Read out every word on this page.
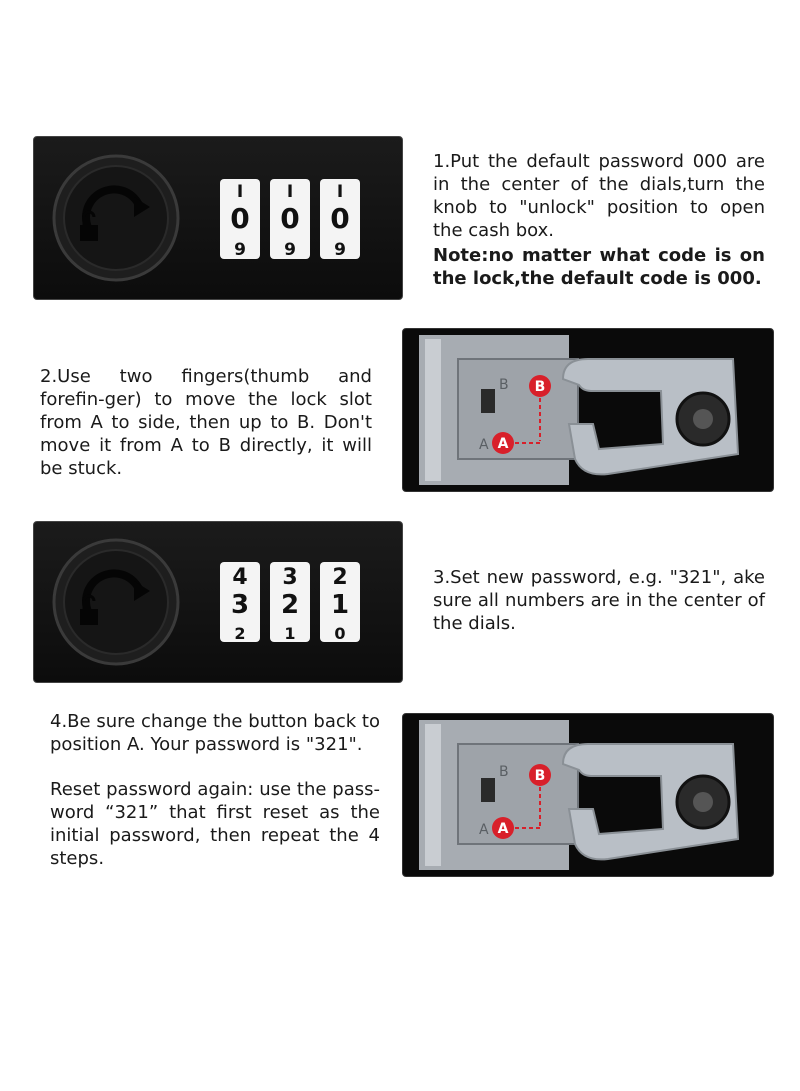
I
0
9
I
0
9
I
0
9

1.Put the default password 000 are in the center of the dials,turn the knob to "unlock" position to open the cash box.

Note:no matter what code is on the lock,the default code is 000.

2.Use two fingers(thumb and forefin-ger) to move the lock slot from A to side, then up to B. Don't move it from A to B directly, it will be stuck.

B
A
B
A
4
3
2
3
2
1
2
1
0

3.Set new password, e.g. "321", ake sure all numbers are in the center of the dials.

4.Be sure change the button back to position A. Your password is "321".

Reset password again: use the pass-word “321” that first reset as the initial password, then repeat the 4 steps.

B
A
B
A
